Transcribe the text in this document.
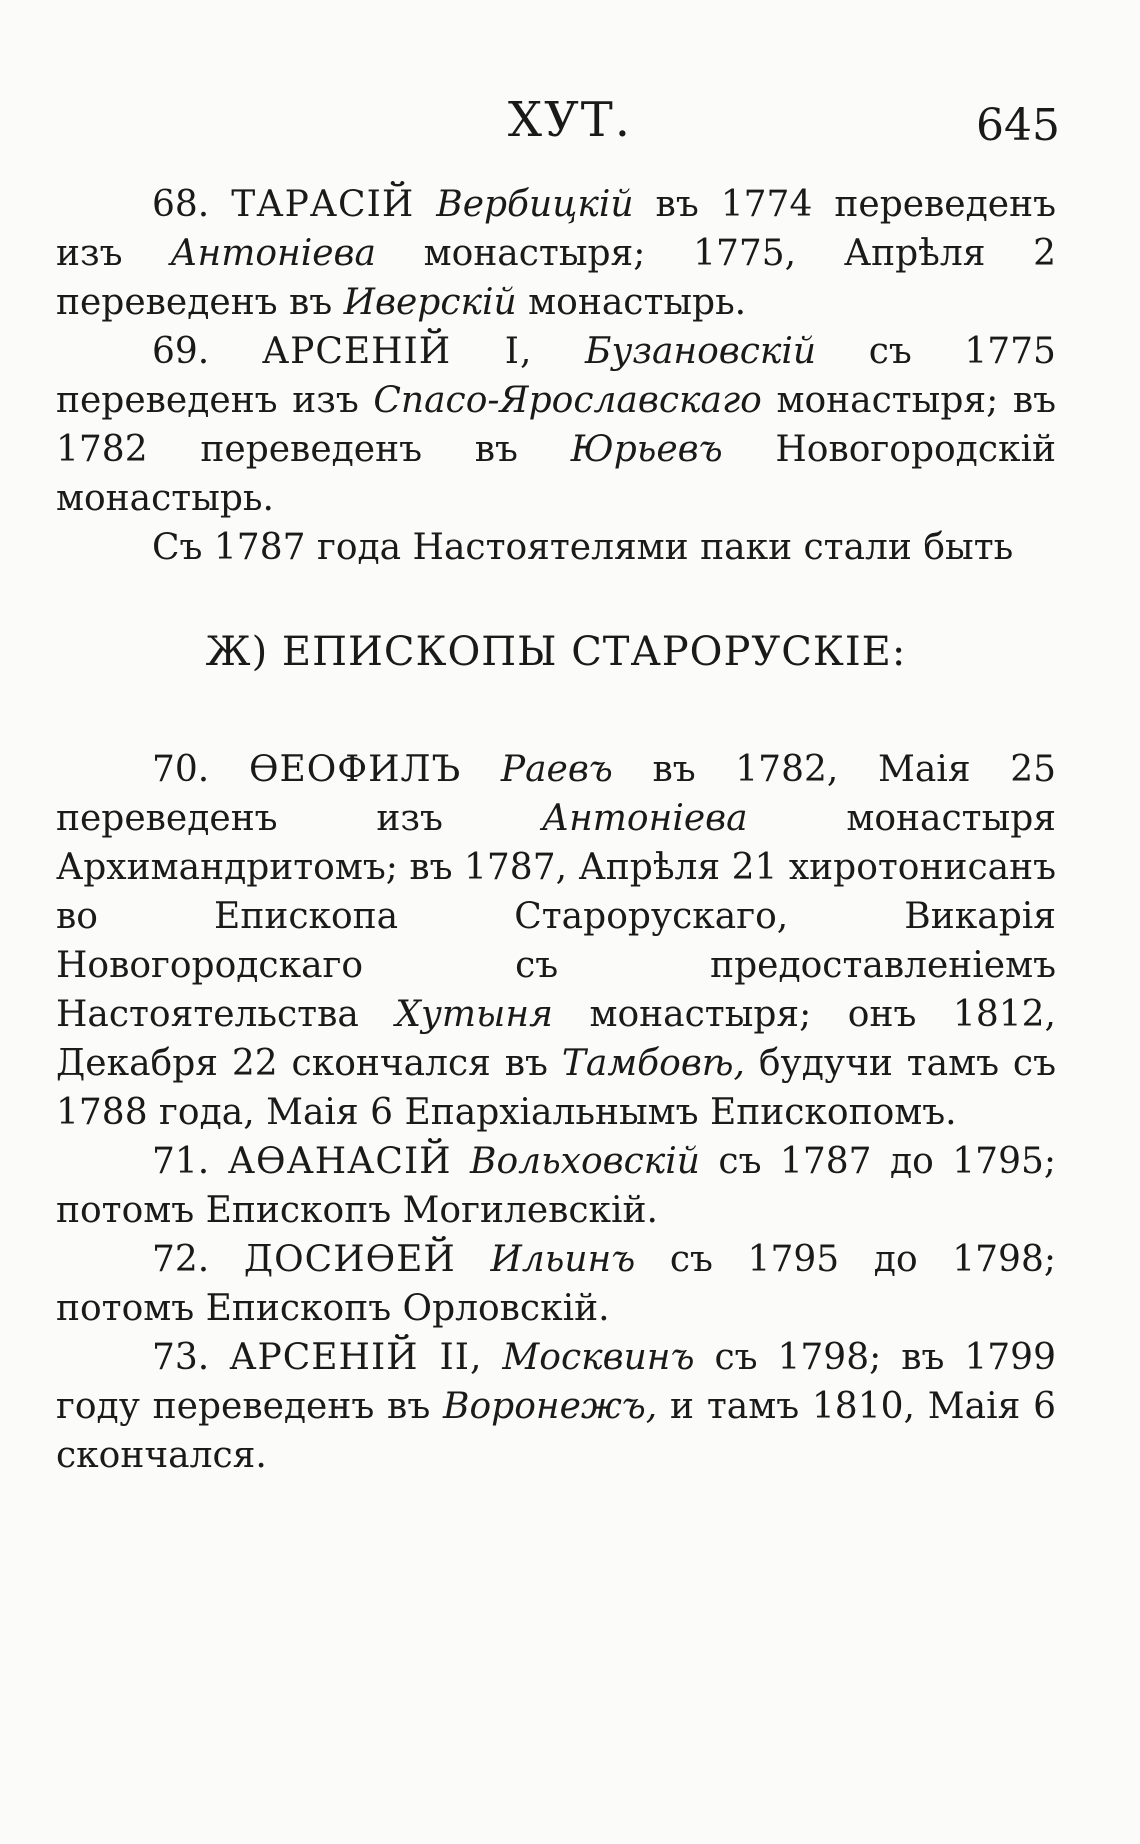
ХУТ.	645

68. ТАРАСІЙ Вербицкій въ 1774 переведенъ изъ Антоніева монастыря; 1775, Апрѣля 2 переведенъ въ Иверскій монастырь.

69. АРСЕНІЙ I, Бузановскій съ 1775 переведенъ изъ Спасо-Ярославскаго монастыря; въ 1782 переведенъ въ Юрьевъ Новогородскій монастырь.

Съ 1787 года Настоятелями паки стали быть

Ж) ЕПИСКОПЫ СТАРОРУСКІЕ:

70. ѲЕОФИЛЪ Раевъ въ 1782, Маія 25 переведенъ изъ Антоніева монастыря Архимандритомъ; въ 1787, Апрѣля 21 хиротонисанъ во Епископа Старорускаго, Викарія Новогородскаго съ предоставленіемъ Настоятельства Хутыня монастыря; онъ 1812, Декабря 22 скончался въ Тамбовѣ, будучи тамъ съ 1788 года, Маія 6 Епархіальнымъ Епископомъ.

71. АѲАНАСІЙ Вольховскій съ 1787 до 1795; потомъ Епископъ Могилевскій.

72. ДОСИѲЕЙ Ильинъ съ 1795 до 1798; потомъ Епископъ Орловскій.

73. АРСЕНІЙ II, Москвинъ съ 1798; въ 1799 году переведенъ въ Воронежъ, и тамъ 1810, Маія 6 скончался.
